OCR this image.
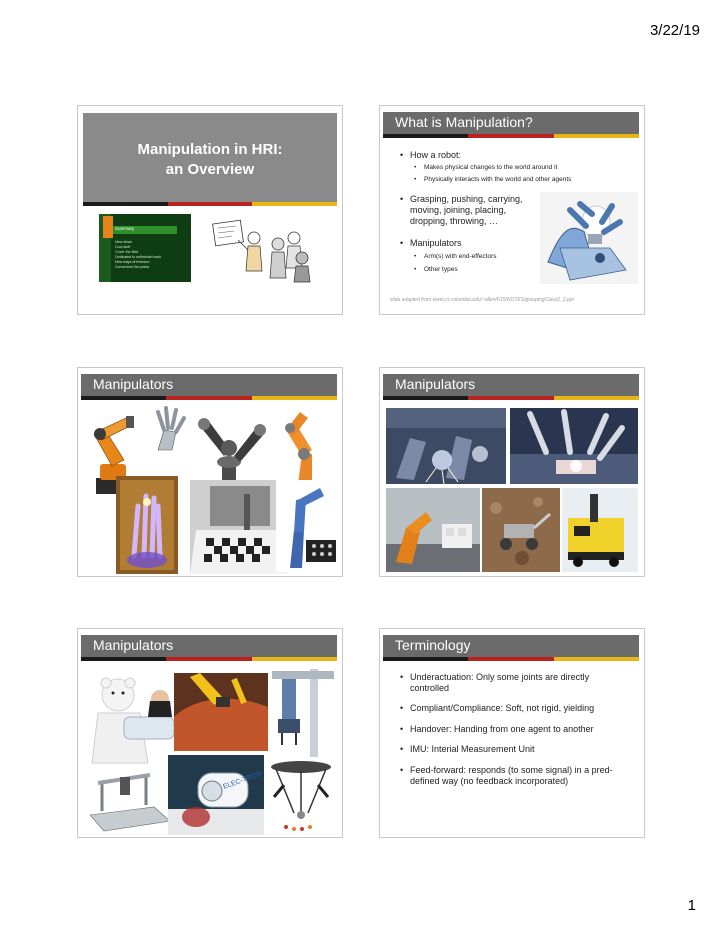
3/22/19
Manipulation in HRI:
an Overview
Summary
New ideas
Cool stuff
Cover the field
Dedicated to unfinished work
New ways of freedom
Convenient list points
What is Manipulation?
• How a robot:
• Makes physical changes to the world around it
• Physically interacts with the world and other agents
• Grasping, pushing, carrying, moving, joining, placing, dropping, throwing, …
• Manipulators
• Arm(s) with end-effectors
• Other types
slide adapted from www.cs.columbia.edu/~allen/F15/NOTES/graspingClass2_2.ppt
Manipulators	Manipulators
Manipulators
ELEC-TRON
Terminology
• Underactuation: Only some joints are directly controlled
• Compliant/Compliance: Soft, not rigid, yielding
• Handover: Handing from one agent to another
• IMU: Interial Measurement Unit
• Feed-forward: responds (to some signal) in a pred-defined way (no feedback incorporated)
1
